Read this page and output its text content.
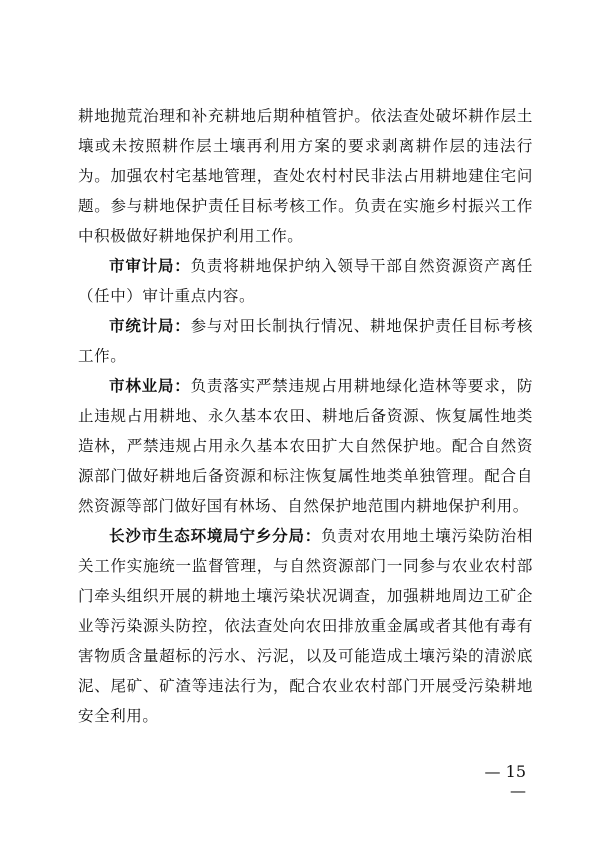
耕地抛荒治理和补充耕地后期种植管护。依法查处破坏耕作层土壤或未按照耕作层土壤再利用方案的要求剥离耕作层的违法行为。加强农村宅基地管理，查处农村村民非法占用耕地建住宅问题。参与耕地保护责任目标考核工作。负责在实施乡村振兴工作中积极做好耕地保护利用工作。

市审计局：负责将耕地保护纳入领导干部自然资源资产离任（任中）审计重点内容。

市统计局：参与对田长制执行情况、耕地保护责任目标考核工作。

市林业局：负责落实严禁违规占用耕地绿化造林等要求，防止违规占用耕地、永久基本农田、耕地后备资源、恢复属性地类造林，严禁违规占用永久基本农田扩大自然保护地。配合自然资源部门做好耕地后备资源和标注恢复属性地类单独管理。配合自然资源等部门做好国有林场、自然保护地范围内耕地保护利用。

长沙市生态环境局宁乡分局：负责对农用地土壤污染防治相关工作实施统一监督管理，与自然资源部门一同参与农业农村部门牵头组织开展的耕地土壤污染状况调查，加强耕地周边工矿企业等污染源头防控，依法查处向农田排放重金属或者其他有毒有害物质含量超标的污水、污泥，以及可能造成土壤污染的清淤底泥、尾矿、矿渣等违法行为，配合农业农村部门开展受污染耕地安全利用。

— 15 —
